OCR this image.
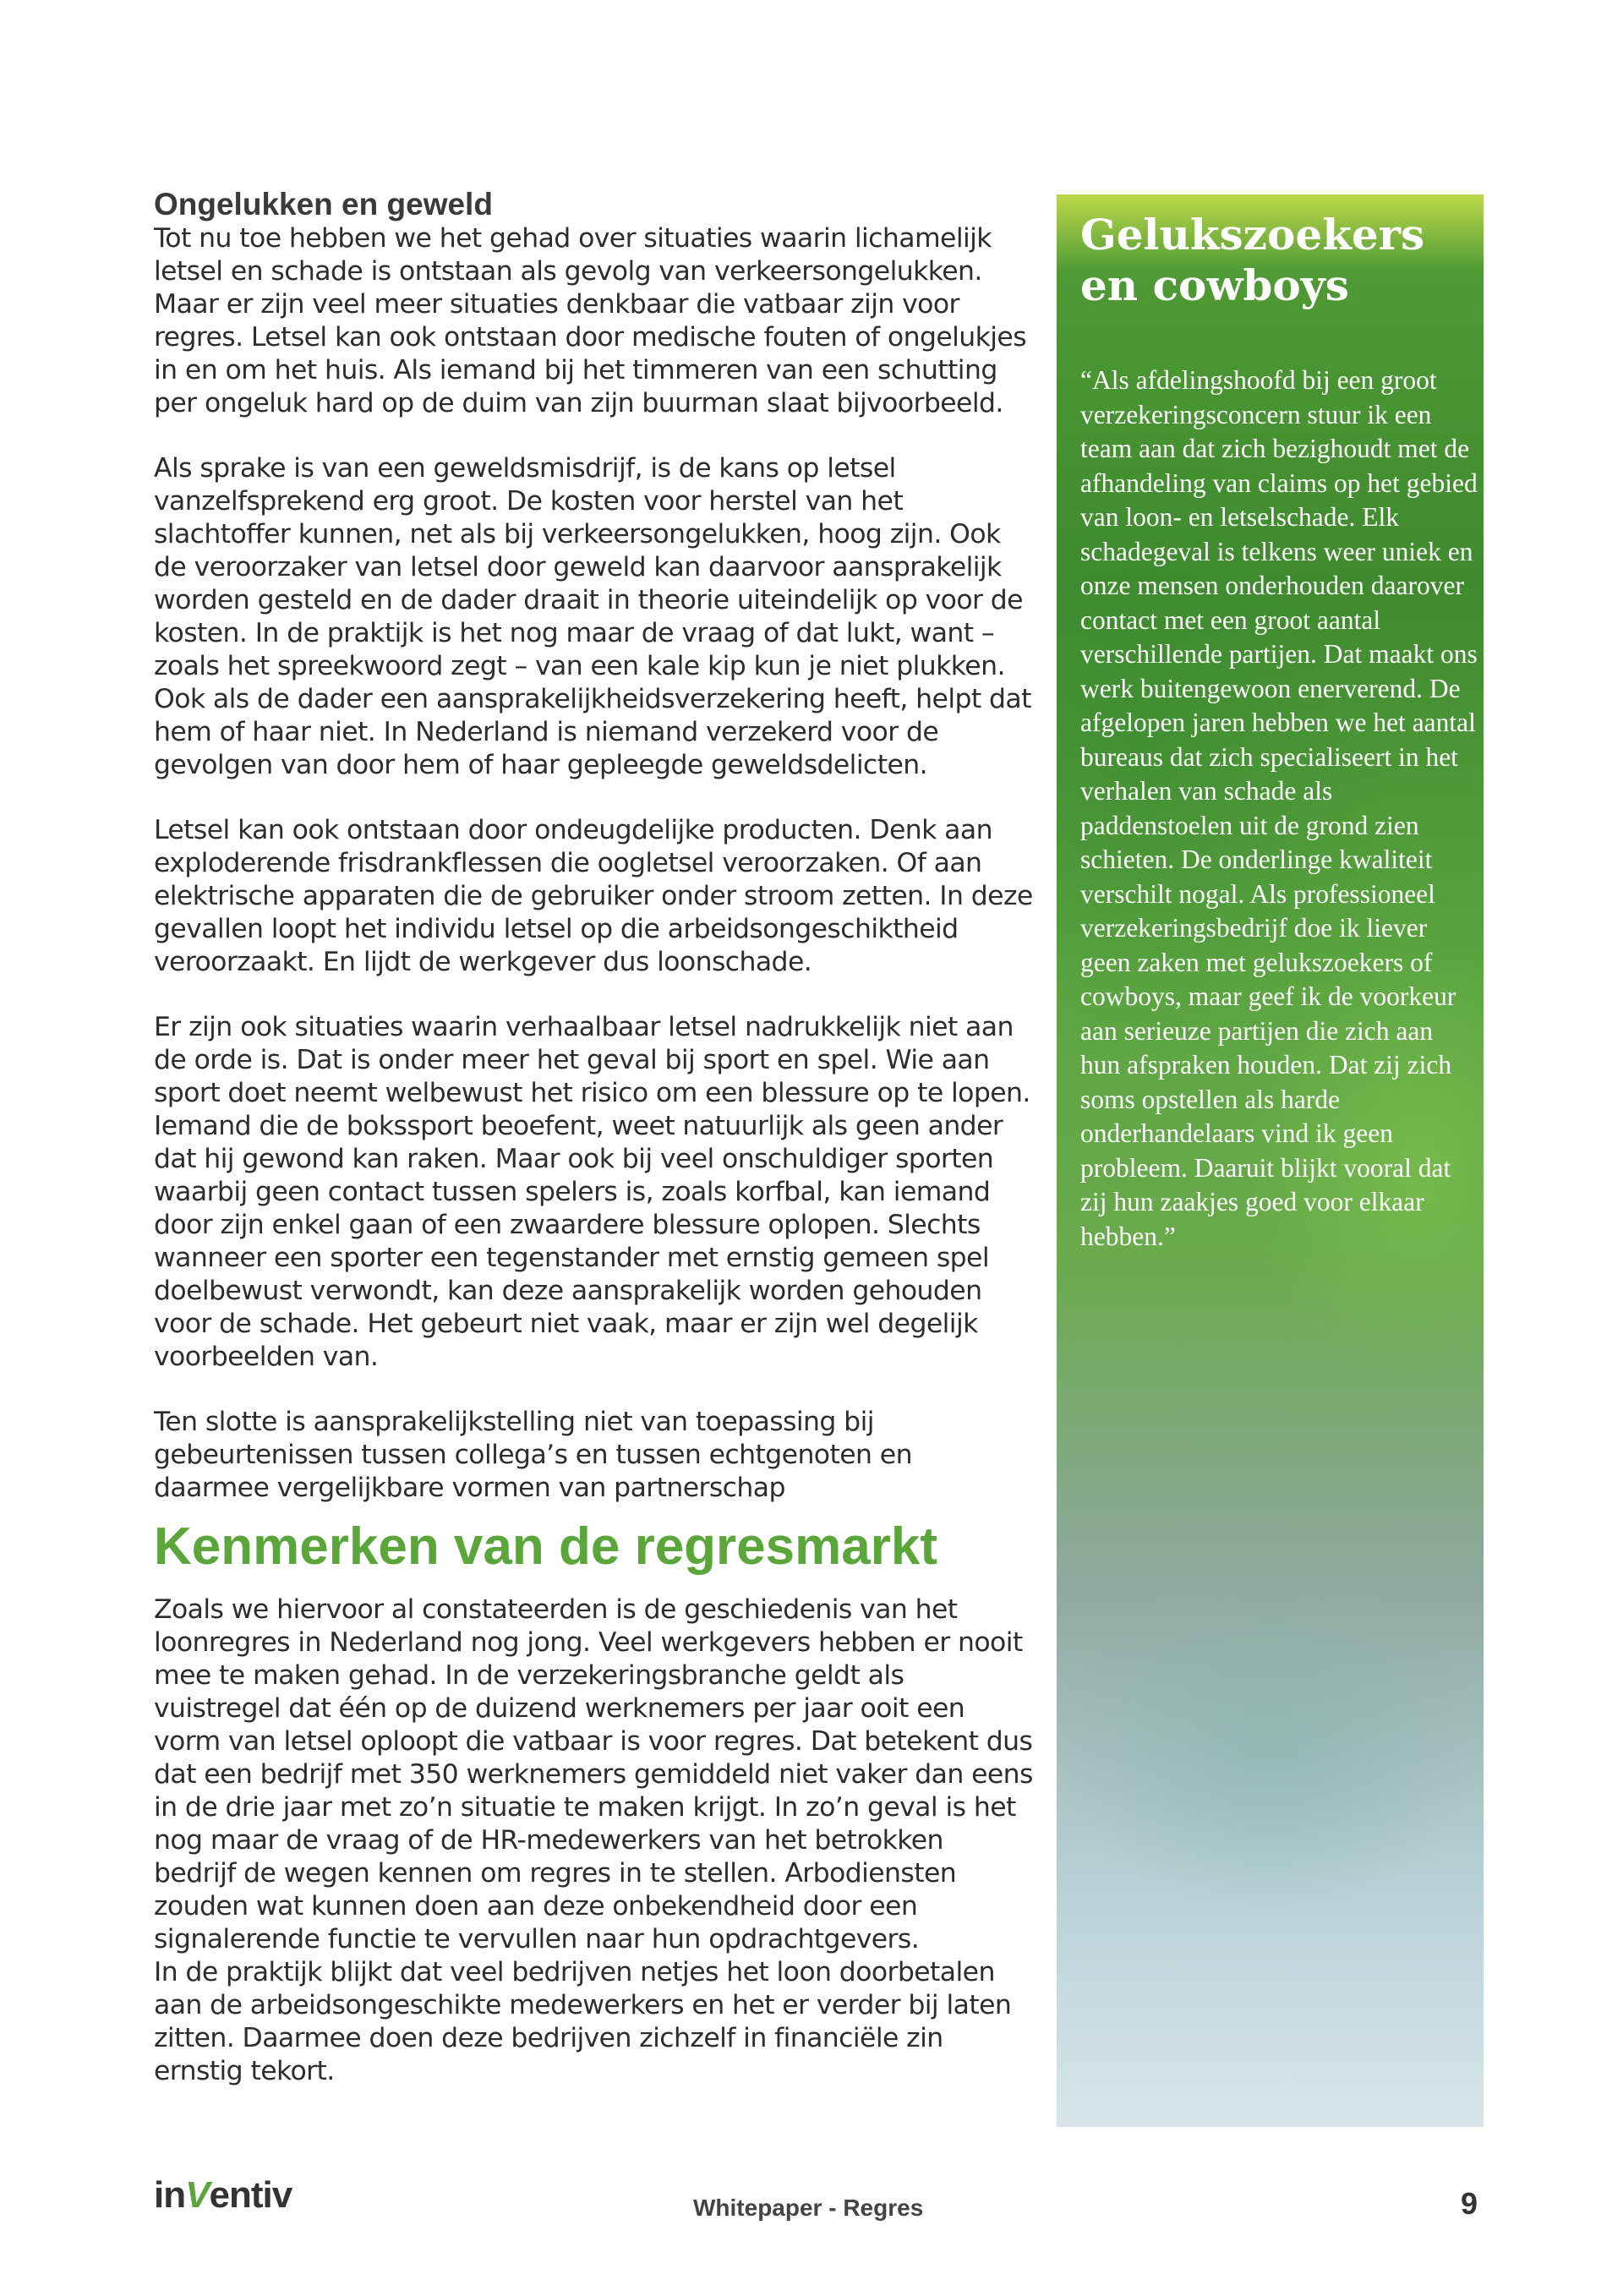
Ongelukken en geweld

Tot nu toe hebben we het gehad over situaties waarin lichamelijk letsel en schade is ontstaan als gevolg van verkeersongelukken. Maar er zijn veel meer situaties denkbaar die vatbaar zijn voor regres. Letsel kan ook ontstaan door medische fouten of ongelukjes in en om het huis. Als iemand bij het timmeren van een schutting per ongeluk hard op de duim van zijn buurman slaat bijvoorbeeld.

Als sprake is van een geweldsmisdrijf, is de kans op letsel vanzelfsprekend erg groot. De kosten voor herstel van het slachtoffer kunnen, net als bij verkeersongelukken, hoog zijn. Ook de veroorzaker van letsel door geweld kan daarvoor aansprakelijk worden gesteld en de dader draait in theorie uiteindelijk op voor de kosten. In de praktijk is het nog maar de vraag of dat lukt, want – zoals het spreekwoord zegt – van een kale kip kun je niet plukken. Ook als de dader een aansprakelijkheidsverzekering heeft, helpt dat hem of haar niet. In Nederland is niemand verzekerd voor de gevolgen van door hem of haar gepleegde geweldsdelicten.

Letsel kan ook ontstaan door ondeugdelijke producten. Denk aan exploderende frisdrankflessen die oogletsel veroorzaken. Of aan elektrische apparaten die de gebruiker onder stroom zetten. In deze gevallen loopt het individu letsel op die arbeidsongeschiktheid veroorzaakt. En lijdt de werkgever dus loonschade.

Er zijn ook situaties waarin verhaalbaar letsel nadrukkelijk niet aan de orde is. Dat is onder meer het geval bij sport en spel. Wie aan sport doet neemt welbewust het risico om een blessure op te lopen. Iemand die de bokssport beoefent, weet natuurlijk als geen ander dat hij gewond kan raken. Maar ook bij veel onschuldiger sporten waarbij geen contact tussen spelers is, zoals korfbal, kan iemand door zijn enkel gaan of een zwaardere blessure oplopen. Slechts wanneer een sporter een tegenstander met ernstig gemeen spel doelbewust verwondt, kan deze aansprakelijk worden gehouden voor de schade. Het gebeurt niet vaak, maar er zijn wel degelijk voorbeelden van.

Ten slotte is aansprakelijkstelling niet van toepassing bij gebeurtenissen tussen collega’s en tussen echtgenoten en daarmee vergelijkbare vormen van partnerschap

Kenmerken van de regresmarkt

Zoals we hiervoor al constateerden is de geschiedenis van het loonregres in Nederland nog jong. Veel werkgevers hebben er nooit mee te maken gehad. In de verzekeringsbranche geldt als vuistregel dat één op de duizend werknemers per jaar ooit een vorm van letsel oploopt die vatbaar is voor regres. Dat betekent dus dat een bedrijf met 350 werknemers gemiddeld niet vaker dan eens in de drie jaar met zo’n situatie te maken krijgt. In zo’n geval is het nog maar de vraag of de HR-medewerkers van het betrokken bedrijf de wegen kennen om regres in te stellen. Arbodiensten zouden wat kunnen doen aan deze onbekendheid door een signalerende functie te vervullen naar hun opdrachtgevers.

In de praktijk blijkt dat veel bedrijven netjes het loon doorbetalen aan de arbeidsongeschikte medewerkers en het er verder bij laten zitten. Daarmee doen deze bedrijven zichzelf in financiële zin ernstig tekort.

Gelukszoekers en cowboys

“Als afdelingshoofd bij een groot verzekeringsconcern stuur ik een team aan dat zich bezighoudt met de afhandeling van claims op het gebied van loon- en letselschade. Elk schadegeval is telkens weer uniek en onze mensen onderhouden daarover contact met een groot aantal verschillende partijen. Dat maakt ons werk buitengewoon enerverend. De afgelopen jaren hebben we het aantal bureaus dat zich specialiseert in het verhalen van schade als paddenstoelen uit de grond zien schieten. De onderlinge kwaliteit verschilt nogal. Als professioneel verzekeringsbedrijf doe ik liever geen zaken met gelukszoekers of cowboys, maar geef ik de voorkeur aan serieuze partijen die zich aan hun afspraken houden. Dat zij zich soms opstellen als harde onderhandelaars vind ik geen probleem. Daaruit blijkt vooral dat zij hun zaakjes goed voor elkaar hebben.”

inVentiv	Whitepaper - Regres	9
